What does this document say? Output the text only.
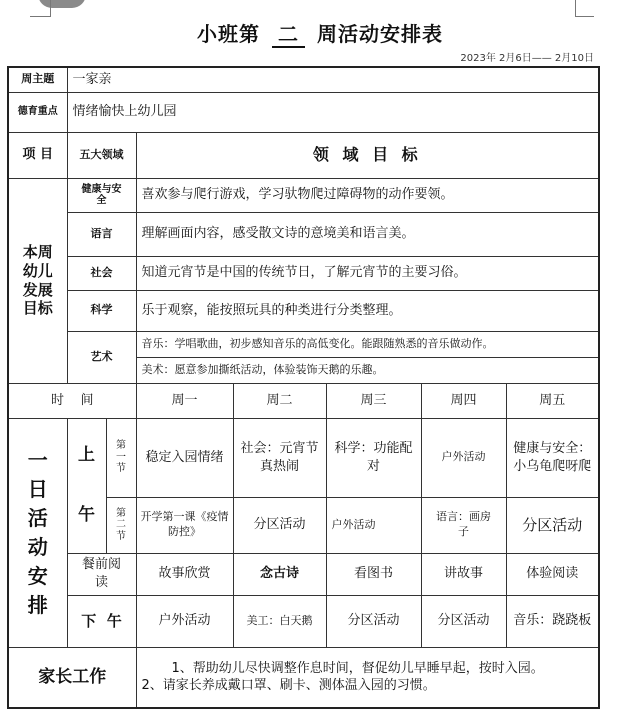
小班第 二 周活动安排表
2023年 2月6日—— 2月10日
周主题	一家亲						
德育重点	情绪愉快上幼儿园						
项 目	五大领域		领 域 目 标				
本周幼儿发展目标	健康与安全		喜欢参与爬行游戏，学习驮物爬过障碍物的动作要领。				
	语言		理解画面内容，感受散文诗的意境美和语言美。				
	社会		知道元宵节是中国的传统节日，了解元宵节的主要习俗。				
	科学		乐于观察，能按照玩具的种类进行分类整理。				
	艺术		音乐：学唱歌曲，初步感知音乐的高低变化。能跟随熟悉的音乐做动作。				
			美术：愿意参加撕纸活动，体验装饰天鹅的乐趣。				
时    间			周一	周二	周三	周四	周五
一日活动安排	上午	第一节	稳定入园情绪	社会：元宵节真热闹	科学：功能配对	户外活动	健康与安全：小乌龟爬呀爬
		第二节	开学第一课《疫情防控》	分区活动	户外活动	语言：画房子	分区活动
	餐前阅读		故事欣赏	念古诗	看图书	讲故事	体验阅读
	下  午		户外活动	美工：白天鹅	分区活动	分区活动	音乐：跷跷板
家长工作			1、帮助幼儿尽快调整作息时间，督促幼儿早睡早起，按时入园。
2、请家长养成戴口罩、刷卡、测体温入园的习惯。				
